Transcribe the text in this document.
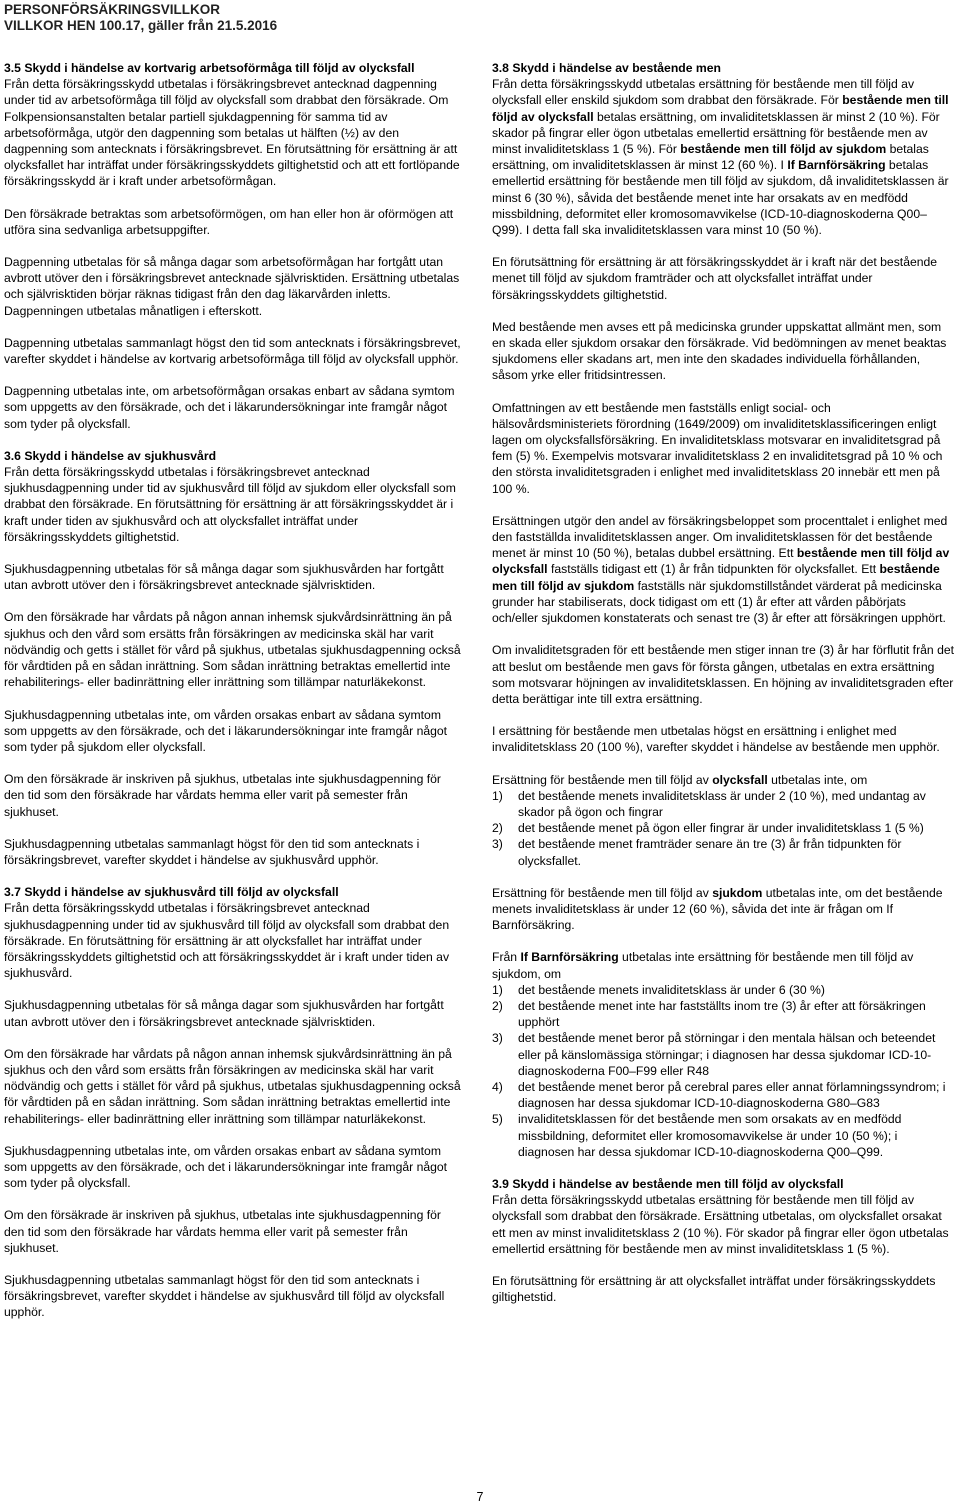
PERSONFÖRSÄKRINGSVILLKOR
VILLKOR HEN 100.17, gäller från 21.5.2016
3.5 Skydd i händelse av kortvarig arbetsoförmåga till följd av olycksfall

Från detta försäkringsskydd utbetalas i försäkringsbrevet antecknad dagpenning under tid av arbetsoförmåga till följd av olycksfall som drabbat den försäkrade. Om Folkpensionsanstalten betalar partiell sjukdagpenning för samma tid av arbetsoförmåga, utgör den dagpenning som betalas ut hälften (½) av den dagpenning som antecknats i försäkringsbrevet. En förutsättning för ersättning är att olycksfallet har inträffat under försäkringsskyddets giltighetstid och att ett fortlöpande försäkringsskydd är i kraft under arbetsoförmågan.

Den försäkrade betraktas som arbetsoförmögen, om han eller hon är oförmögen att utföra sina sedvanliga arbetsuppgifter.

Dagpenning utbetalas för så många dagar som arbetsoförmågan har fortgått utan avbrott utöver den i försäkringsbrevet antecknade självrisktiden. Ersättning utbetalas och självrisktiden börjar räknas tidigast från den dag läkarvården inletts. Dagpenningen utbetalas månatligen i efterskott.

Dagpenning utbetalas sammanlagt högst den tid som antecknats i försäkringsbrevet, varefter skyddet i händelse av kortvarig arbetsoförmåga till följd av olycksfall upphör.

Dagpenning utbetalas inte, om arbetsoförmågan orsakas enbart av sådana symtom som uppgetts av den försäkrade, och det i läkarundersökningar inte framgår något som tyder på olycksfall.

3.6 Skydd i händelse av sjukhusvård

Från detta försäkringsskydd utbetalas i försäkringsbrevet antecknad sjukhusdagpenning under tid av sjukhusvård till följd av sjukdom eller olycksfall som drabbat den försäkrade. En förutsättning för ersättning är att försäkringsskyddet är i kraft under tiden av sjukhusvård och att olycksfallet inträffat under försäkringsskyddets giltighetstid.

Sjukhusdagpenning utbetalas för så många dagar som sjukhusvården har fortgått utan avbrott utöver den i försäkringsbrevet antecknade självrisktiden.

Om den försäkrade har vårdats på någon annan inhemsk sjukvårdsinrättning än på sjukhus och den vård som ersätts från försäkringen av medicinska skäl har varit nödvändig och getts i stället för vård på sjukhus, utbetalas sjukhusdagpenning också för vårdtiden på en sådan inrättning. Som sådan inrättning betraktas emellertid inte rehabiliterings- eller badinrättning eller inrättning som tillämpar naturläkekonst.

Sjukhusdagpenning utbetalas inte, om vården orsakas enbart av sådana symtom som uppgetts av den försäkrade, och det i läkarundersökningar inte framgår något som tyder på sjukdom eller olycksfall.

Om den försäkrade är inskriven på sjukhus, utbetalas inte sjukhusdagpenning för den tid som den försäkrade har vårdats hemma eller varit på semester från sjukhuset.

Sjukhusdagpenning utbetalas sammanlagt högst för den tid som antecknats i försäkringsbrevet, varefter skyddet i händelse av sjukhusvård upphör.

3.7 Skydd i händelse av sjukhusvård till följd av olycksfall

Från detta försäkringsskydd utbetalas i försäkringsbrevet antecknad sjukhusdagpenning under tid av sjukhusvård till följd av olycksfall som drabbat den försäkrade. En förutsättning för ersättning är att olycksfallet har inträffat under försäkringsskyddets giltighetstid och att försäkringsskyddet är i kraft under tiden av sjukhusvård.

Sjukhusdagpenning utbetalas för så många dagar som sjukhusvården har fortgått utan avbrott utöver den i försäkringsbrevet antecknade självrisktiden.

Om den försäkrade har vårdats på någon annan inhemsk sjukvårdsinrättning än på sjukhus och den vård som ersätts från försäkringen av medicinska skäl har varit nödvändig och getts i stället för vård på sjukhus, utbetalas sjukhusdagpenning också för vårdtiden på en sådan inrättning. Som sådan inrättning betraktas emellertid inte rehabiliterings- eller badinrättning eller inrättning som tillämpar naturläkekonst.

Sjukhusdagpenning utbetalas inte, om vården orsakas enbart av sådana symtom som uppgetts av den försäkrade, och det i läkarundersökningar inte framgår något som tyder på olycksfall.

Om den försäkrade är inskriven på sjukhus, utbetalas inte sjukhusdagpenning för den tid som den försäkrade har vårdats hemma eller varit på semester från sjukhuset.

Sjukhusdagpenning utbetalas sammanlagt högst för den tid som antecknats i försäkringsbrevet, varefter skyddet i händelse av sjukhusvård till följd av olycksfall upphör.

3.8 Skydd i händelse av bestående men

Från detta försäkringsskydd utbetalas ersättning för bestående men till följd av olycksfall eller enskild sjukdom som drabbat den försäkrade. För bestående men till följd av olycksfall betalas ersättning, om invaliditetsklassen är minst 2 (10 %). För skador på fingrar eller ögon utbetalas emellertid ersättning för bestående men av minst invaliditetsklass 1 (5 %). För bestående men till följd av sjukdom betalas ersättning, om invaliditetsklassen är minst 12 (60 %). I If Barnförsäkring betalas emellertid ersättning för bestående men till följd av sjukdom, då invaliditetsklassen är minst 6 (30 %), såvida det bestående menet inte har orsakats av en medfödd missbildning, deformitet eller kromosomavvikelse (ICD-10-diagnoskoderna Q00–Q99). I detta fall ska invaliditetsklassen vara minst 10 (50 %).

En förutsättning för ersättning är att försäkringsskyddet är i kraft när det bestående menet till följd av sjukdom framträder och att olycksfallet inträffat under försäkringsskyddets giltighetstid.

Med bestående men avses ett på medicinska grunder uppskattat allmänt men, som en skada eller sjukdom orsakar den försäkrade. Vid bedömningen av menet beaktas sjukdomens eller skadans art, men inte den skadades individuella förhållanden, såsom yrke eller fritidsintressen.

Omfattningen av ett bestående men fastställs enligt social- och hälsovårdsministeriets förordning (1649/2009) om invaliditetsklassificeringen enligt lagen om olycksfallsförsäkring. En invaliditetsklass motsvarar en invaliditetsgrad på fem (5) %. Exempelvis motsvarar invaliditetsklass 2 en invaliditetsgrad på 10 % och den största invaliditetsgraden i enlighet med invaliditetsklass 20 innebär ett men på 100 %.

Ersättningen utgör den andel av försäkringsbeloppet som procenttalet i enlighet med den fastställda invaliditetsklassen anger. Om invaliditetsklassen för det bestående menet är minst 10 (50 %), betalas dubbel ersättning. Ett bestående men till följd av olycksfall fastställs tidigast ett (1) år från tidpunkten för olycksfallet. Ett bestående men till följd av sjukdom fastställs när sjukdomstillståndet värderat på medicinska grunder har stabiliserats, dock tidigast om ett (1) år efter att vården påbörjats och/eller sjukdomen konstaterats och senast tre (3) år efter att försäkringen upphört.

Om invaliditetsgraden för ett bestående men stiger innan tre (3) år har förflutit från det att beslut om bestående men gavs för första gången, utbetalas en extra ersättning som motsvarar höjningen av invaliditetsklassen. En höjning av invaliditetsgraden efter detta berättigar inte till extra ersättning.

I ersättning för bestående men utbetalas högst en ersättning i enlighet med invaliditetsklass 20 (100 %), varefter skyddet i händelse av bestående men upphör.

Ersättning för bestående men till följd av olycksfall utbetalas inte, om
1) det bestående menets invaliditetsklass är under 2 (10 %), med undantag av skador på ögon och fingrar
2) det bestående menet på ögon eller fingrar är under invaliditetsklass 1 (5 %)
3) det bestående menet framträder senare än tre (3) år från tidpunkten för olycksfallet.

Ersättning för bestående men till följd av sjukdom utbetalas inte, om det bestående menets invaliditetsklass är under 12 (60 %), såvida det inte är frågan om If Barnförsäkring.

Från If Barnförsäkring utbetalas inte ersättning för bestående men till följd av sjukdom, om
1) det bestående menets invaliditetsklass är under 6 (30 %)
2) det bestående menet inte har fastställts inom tre (3) år efter att försäkringen upphört
3) det bestående menet beror på störningar i den mentala hälsan och beteendet eller på känslomässiga störningar; i diagnosen har dessa sjukdomar ICD-10-diagnoskoderna F00–F99 eller R48
4) det bestående menet beror på cerebral pares eller annat förlamningssyndrom; i diagnosen har dessa sjukdomar ICD-10-diagnoskoderna G80–G83
5) invaliditetsklassen för det bestående men som orsakats av en medfödd missbildning, deformitet eller kromosomavvikelse är under 10 (50 %); i diagnosen har dessa sjukdomar ICD-10-diagnoskoderna Q00–Q99.
3.9 Skydd i händelse av bestående men till följd av olycksfall

Från detta försäkringsskydd utbetalas ersättning för bestående men till följd av olycksfall som drabbat den försäkrade. Ersättning utbetalas, om olycksfallet orsakat ett men av minst invaliditetsklass 2 (10 %). För skador på fingrar eller ögon utbetalas emellertid ersättning för bestående men av minst invaliditetsklass 1 (5 %).

En förutsättning för ersättning är att olycksfallet inträffat under försäkringsskyddets giltighetstid.

7
